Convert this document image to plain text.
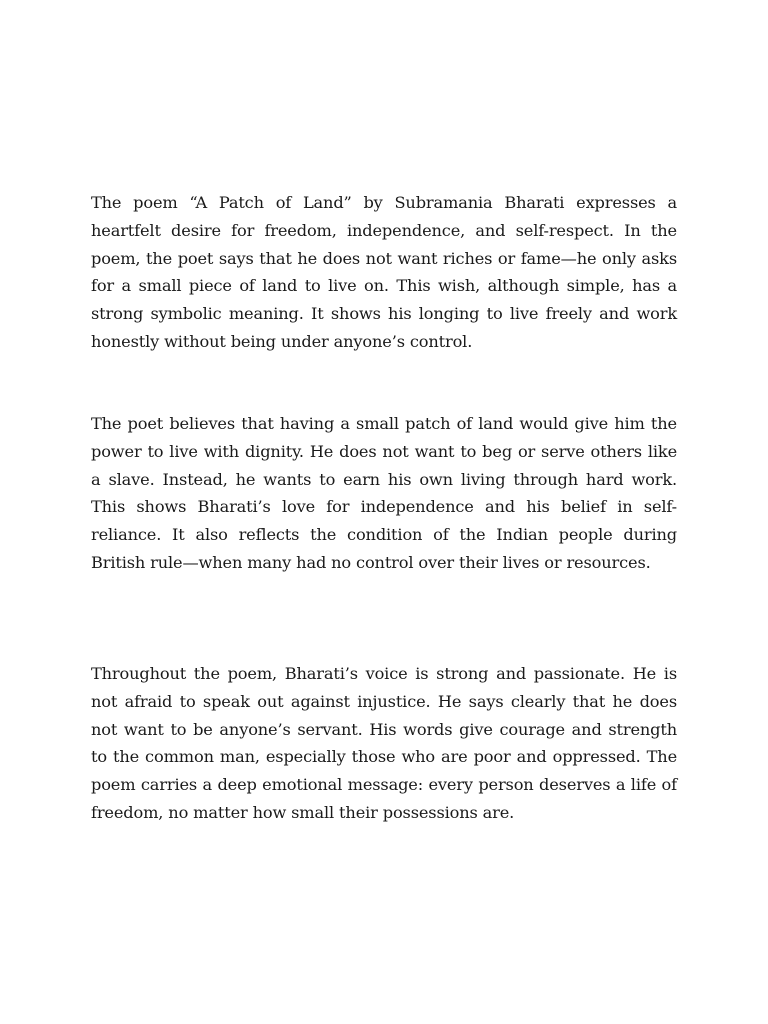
The poem “A Patch of Land” by Subramania Bharati expresses a heartfelt desire for freedom, independence, and self-respect. In the poem, the poet says that he does not want riches or fame—he only asks for a small piece of land to live on. This wish, although simple, has a strong symbolic meaning. It shows his longing to live freely and work honestly without being under anyone’s control.

The poet believes that having a small patch of land would give him the power to live with dignity. He does not want to beg or serve others like a slave. Instead, he wants to earn his own living through hard work. This shows Bharati’s love for independence and his belief in self-reliance. It also reflects the condition of the Indian people during British rule—when many had no control over their lives or resources.

Throughout the poem, Bharati’s voice is strong and passionate. He is not afraid to speak out against injustice. He says clearly that he does not want to be anyone’s servant. His words give courage and strength to the common man, especially those who are poor and oppressed. The poem carries a deep emotional message: every person deserves a life of freedom, no matter how small their possessions are.
